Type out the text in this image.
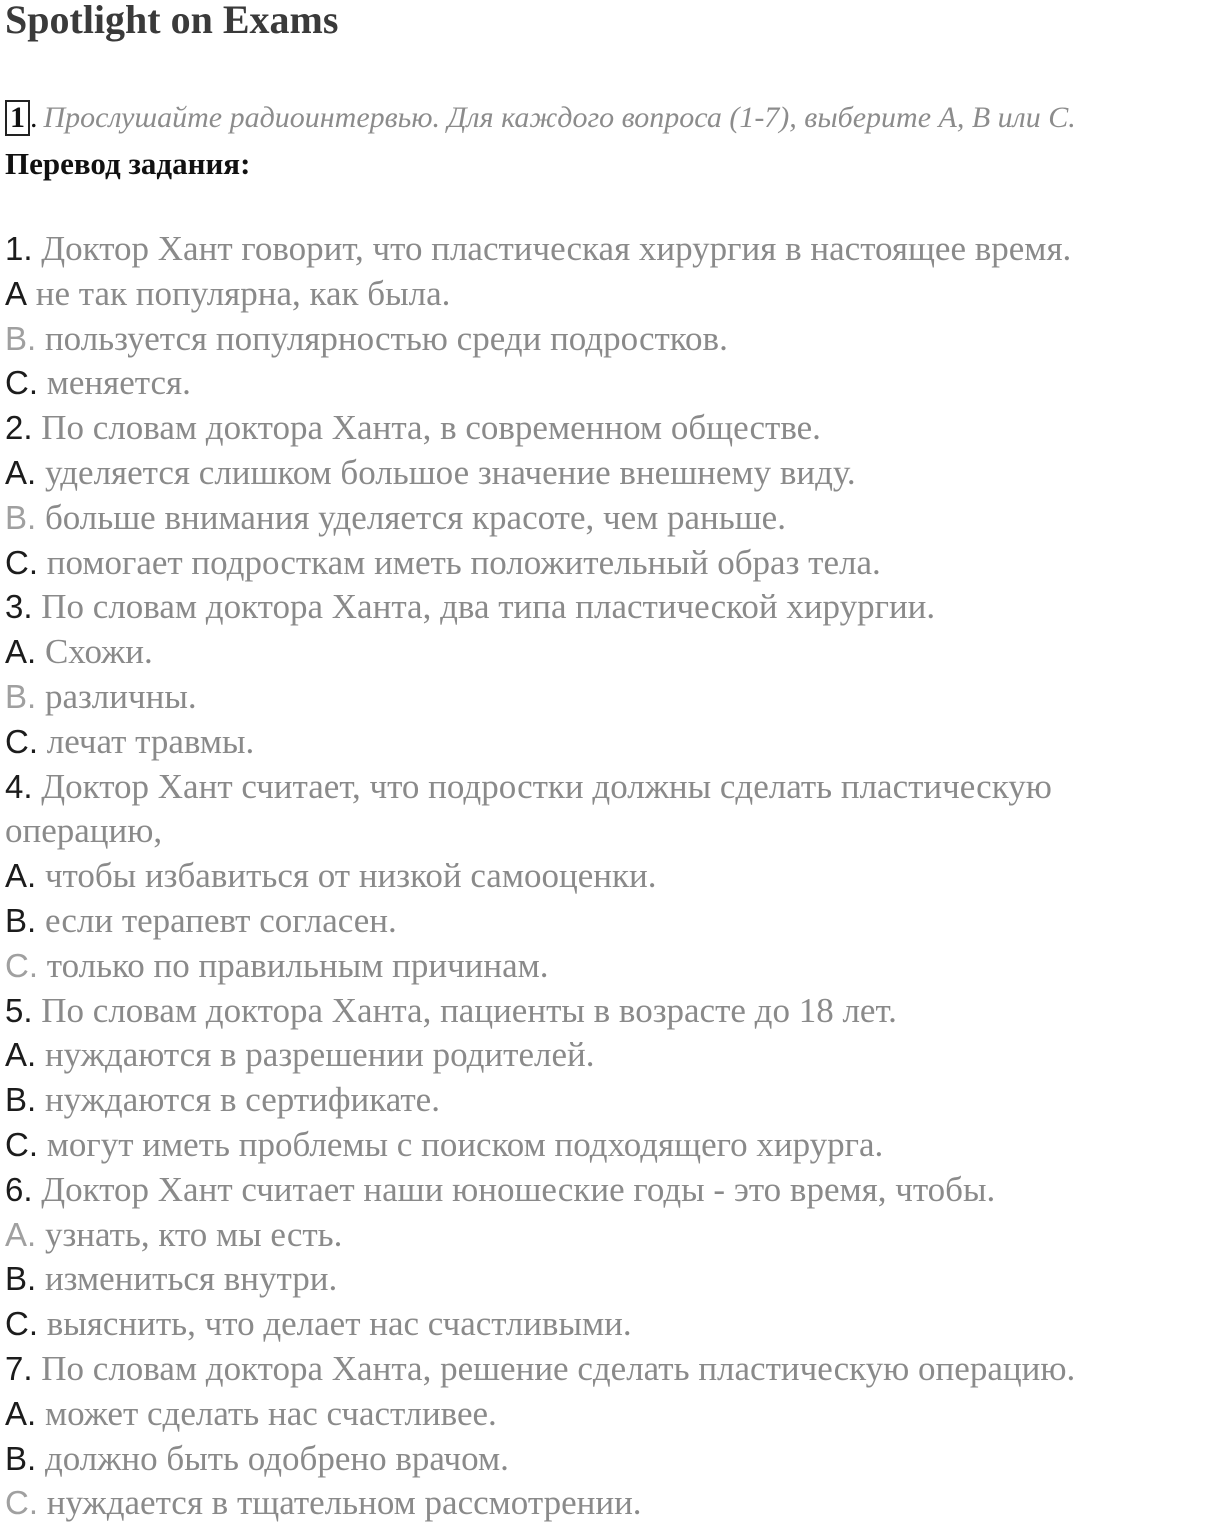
Spotlight on Exams
1 . Прослушайте радиоинтервью. Для каждого вопроса (1-7), выберите А, В или С.
Перевод задания:
1. Доктор Хант говорит, что пластическая хирургия в настоящее время.
А не так популярна, как была.
В. пользуется популярностью среди подростков.
С. меняется.
2. По словам доктора Ханта, в современном обществе.
А. уделяется слишком большое значение внешнему виду.
В. больше внимания уделяется красоте, чем раньше.
С. помогает подросткам иметь положительный образ тела.
3. По словам доктора Ханта, два типа пластической хирургии.
А. Схожи.
В. различны.
С. лечат травмы.
4. Доктор Хант считает, что подростки должны сделать пластическую
операцию,
А. чтобы избавиться от низкой самооценки.
В. если терапевт согласен.
С. только по правильным причинам.
5. По словам доктора Ханта, пациенты в возрасте до 18 лет.
А. нуждаются в разрешении родителей.
В. нуждаются в сертификате.
С. могут иметь проблемы с поиском подходящего хирурга.
6. Доктор Хант считает наши юношеские годы - это время, чтобы.
А. узнать, кто мы есть.
В. измениться внутри.
С. выяснить, что делает нас счастливыми.
7. По словам доктора Ханта, решение сделать пластическую операцию.
А. может сделать нас счастливее.
В. должно быть одобрено врачом.
С. нуждается в тщательном рассмотрении.
